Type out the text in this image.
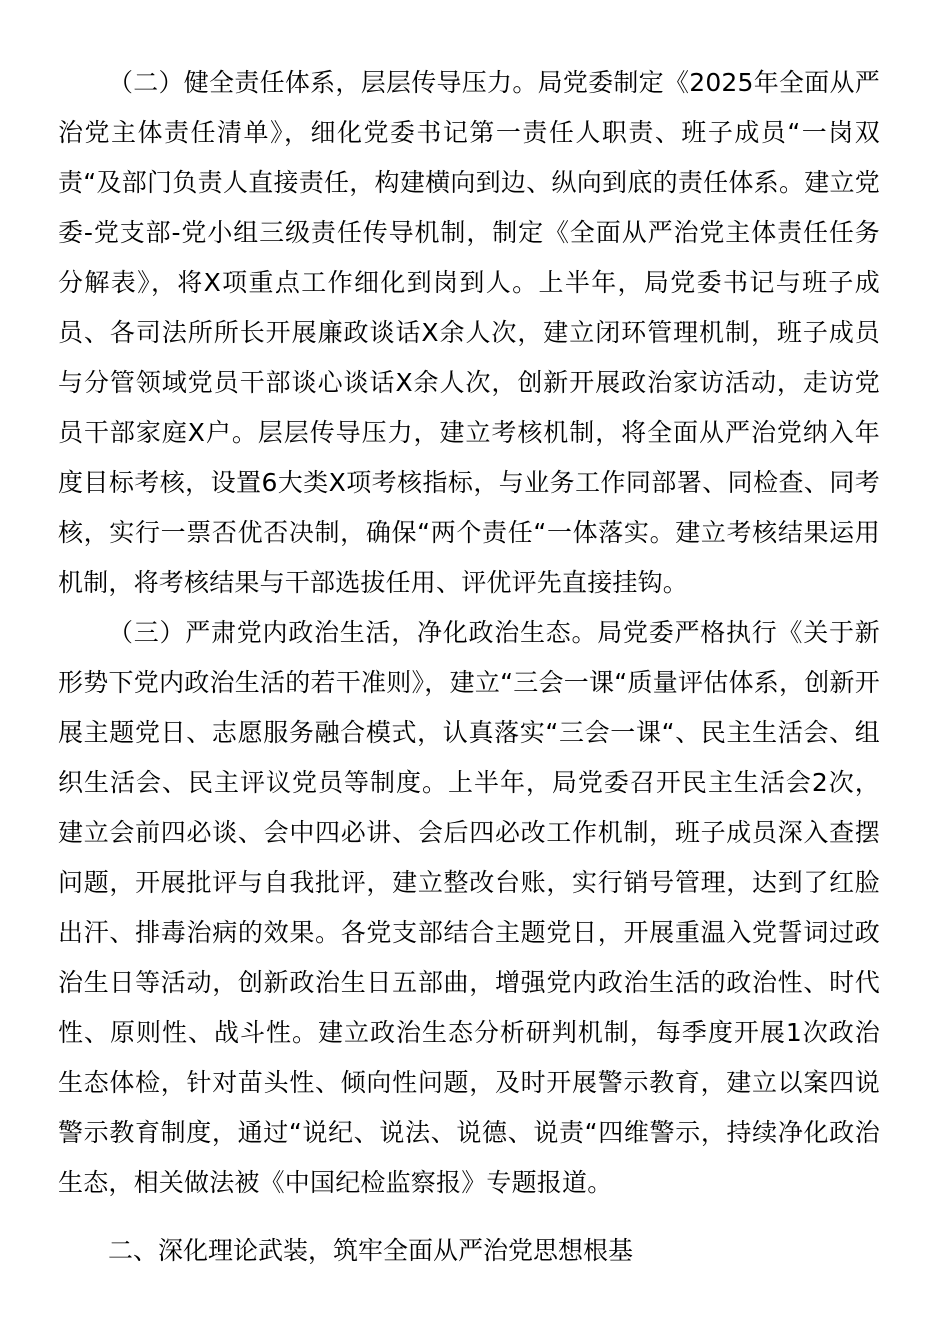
（二）健全责任体系，层层传导压力。局党委制定《2025年全面从严治党主体责任清单》，细化党委书记第一责任人职责、班子成员“一岗双责“及部门负责人直接责任，构建横向到边、纵向到底的责任体系。建立党委-党支部-党小组三级责任传导机制，制定《全面从严治党主体责任任务分解表》，将X项重点工作细化到岗到人。上半年，局党委书记与班子成员、各司法所所长开展廉政谈话X余人次，建立闭环管理机制，班子成员与分管领域党员干部谈心谈话X余人次，创新开展政治家访活动，走访党员干部家庭X户。层层传导压力，建立考核机制，将全面从严治党纳入年度目标考核，设置6大类X项考核指标，与业务工作同部署、同检查、同考核，实行一票否优否决制，确保“两个责任“一体落实。建立考核结果运用机制，将考核结果与干部选拔任用、评优评先直接挂钩。

（三）严肃党内政治生活，净化政治生态。局党委严格执行《关于新形势下党内政治生活的若干准则》，建立“三会一课“质量评估体系，创新开展主题党日、志愿服务融合模式，认真落实“三会一课“、民主生活会、组织生活会、民主评议党员等制度。上半年，局党委召开民主生活会2次，建立会前四必谈、会中四必讲、会后四必改工作机制，班子成员深入查摆问题，开展批评与自我批评，建立整改台账，实行销号管理，达到了红脸出汗、排毒治病的效果。各党支部结合主题党日，开展重温入党誓词过政治生日等活动，创新政治生日五部曲，增强党内政治生活的政治性、时代性、原则性、战斗性。建立政治生态分析研判机制，每季度开展1次政治生态体检，针对苗头性、倾向性问题，及时开展警示教育，建立以案四说警示教育制度，通过“说纪、说法、说德、说责“四维警示，持续净化政治生态，相关做法被《中国纪检监察报》专题报道。

二、深化理论武装，筑牢全面从严治党思想根基
